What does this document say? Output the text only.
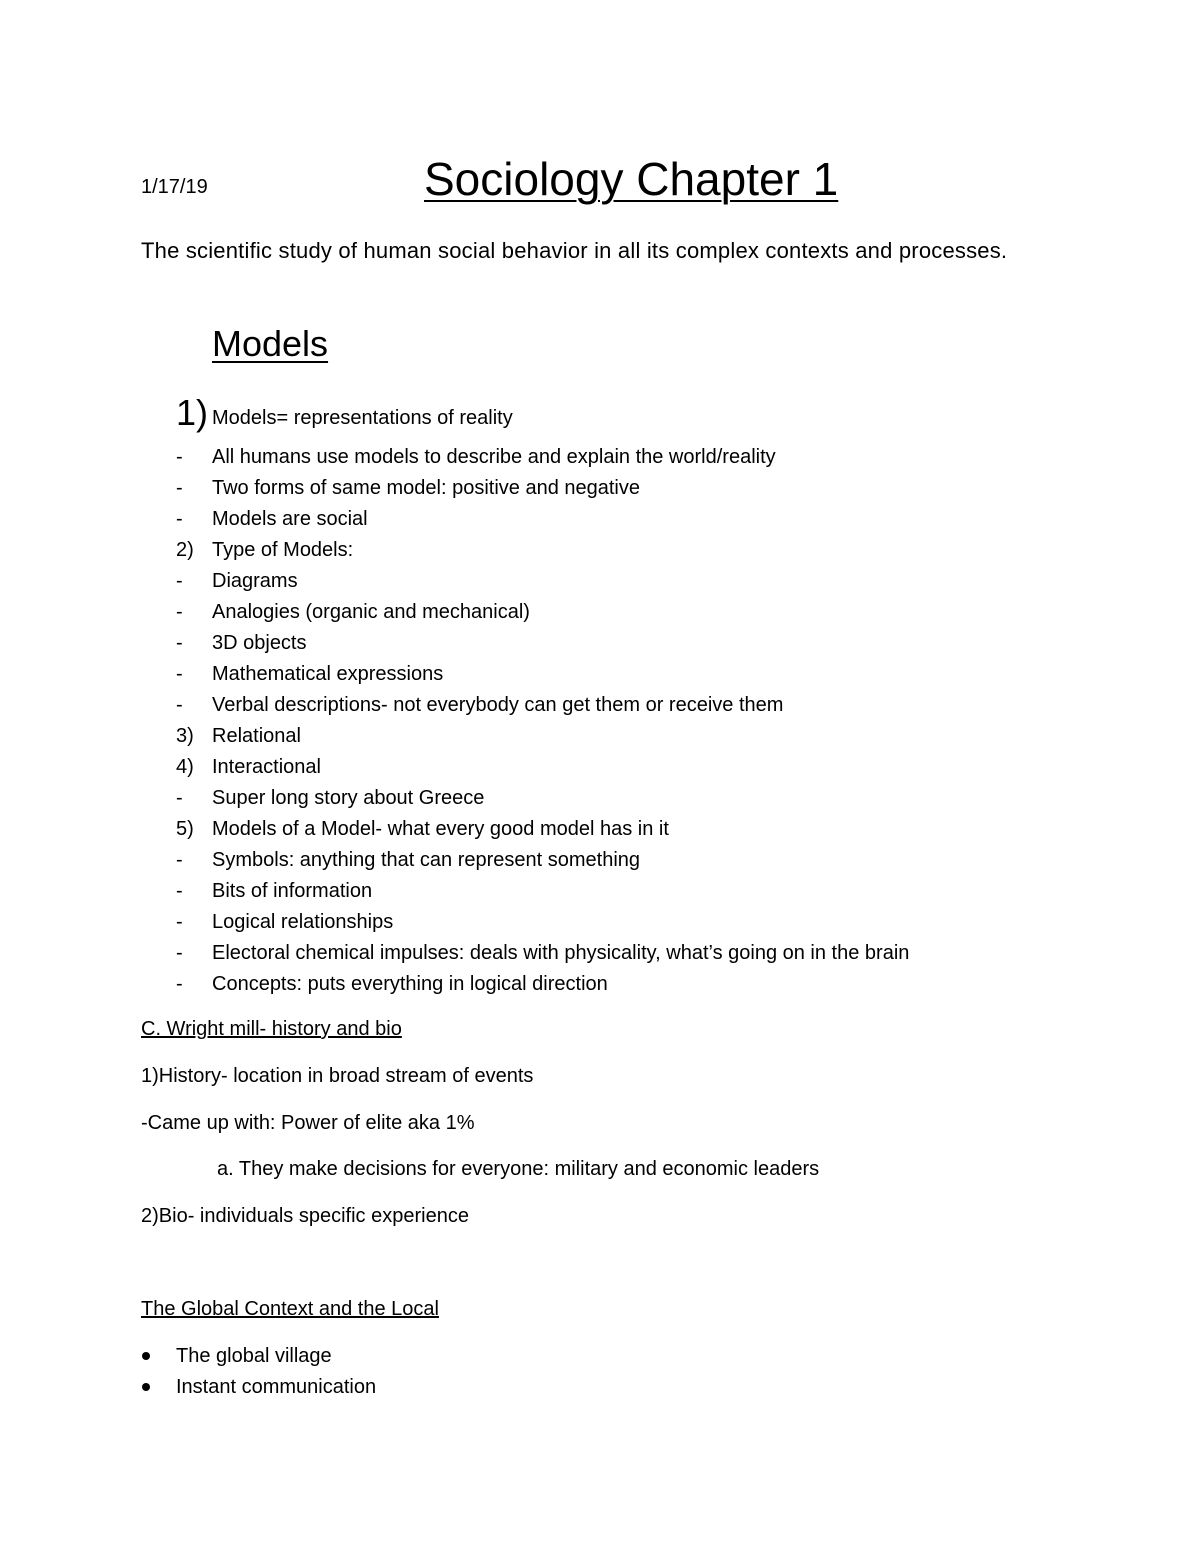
1/17/19	Sociology Chapter 1
The scientific study of human social behavior in all its complex contexts and processes.
Models
1) Models= representations of reality
- All humans use models to describe and explain the world/reality
- Two forms of same model: positive and negative
- Models are social
2) Type of Models:
- Diagrams
- Analogies (organic and mechanical)
- 3D objects
- Mathematical expressions
- Verbal descriptions- not everybody can get them or receive them
3) Relational
4) Interactional
- Super long story about Greece
5) Models of a Model- what every good model has in it
- Symbols: anything that can represent something
- Bits of information
- Logical relationships
- Electoral chemical impulses: deals with physicality, what’s going on in the brain
- Concepts: puts everything in logical direction
C. Wright mill- history and bio
1)History- location in broad stream of events
-Came up with: Power of elite aka 1%
a. They make decisions for everyone: military and economic leaders
2)Bio- individuals specific experience
The Global Context and the Local
The global village
Instant communication
